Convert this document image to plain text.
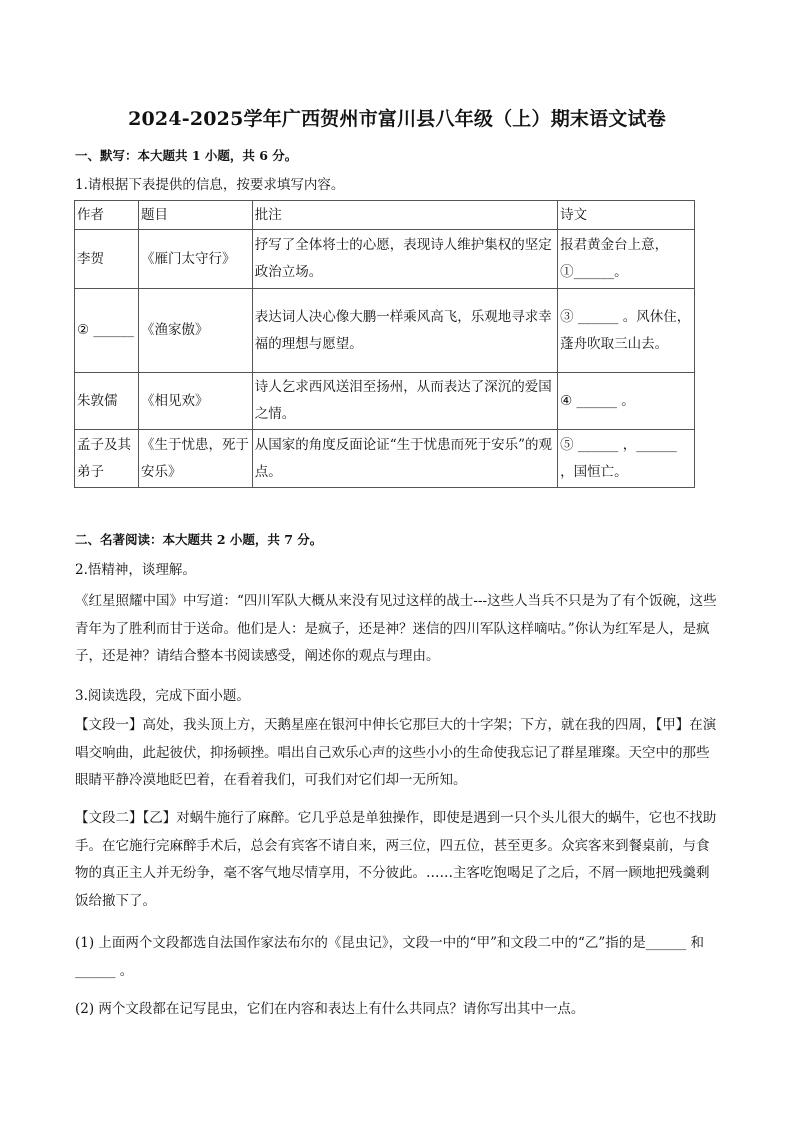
2024-2025学年广西贺州市富川县八年级（上）期末语文试卷
一、默写：本大题共 1 小题，共 6 分。

1.请根据下表提供的信息，按要求填写内容。

作者	题目	批注	诗文
李贺	《雁门太守行》	抒写了全体将士的心愿，表现诗人维护集权的坚定政治立场。	报君黄金台上意，①______。
② ______	《渔家傲》	表达词人决心像大鹏一样乘风高飞，乐观地寻求幸福的理想与愿望。	③ ______ 。风休住，蓬舟吹取三山去。
朱敦儒	《相见欢》	诗人乞求西风送泪至扬州，从而表达了深沉的爱国之情。	④ ______ 。
孟子及其弟子	《生于忧患，死于安乐》	从国家的角度反面论证“生于忧患而死于安乐”的观点。	⑤ ______ ，______ ，国恒亡。
二、名著阅读：本大题共 2 小题，共 7 分。

2.悟精神，谈理解。

《红星照耀中国》中写道：“四川军队大概从来没有见过这样的战士---这些人当兵不只是为了有个饭碗，这些青年为了胜利而甘于送命。他们是人：是疯子，还是神？迷信的四川军队这样嘀咕。”你认为红军是人，是疯子，还是神？请结合整本书阅读感受，阐述你的观点与理由。

3.阅读选段，完成下面小题。

【文段一】高处，我头顶上方，天鹅星座在银河中伸长它那巨大的十字架；下方，就在我的四周，【甲】在演唱交响曲，此起彼伏，抑扬顿挫。唱出自己欢乐心声的这些小小的生命使我忘记了群星璀璨。天空中的那些眼睛平静冷漠地眨巴着，在看着我们，可我们对它们却一无所知。

【文段二】【乙】对蜗牛施行了麻醉。它几乎总是单独操作，即使是遇到一只个头儿很大的蜗牛，它也不找助手。在它施行完麻醉手术后，总会有宾客不请自来，两三位，四五位，甚至更多。众宾客来到餐桌前，与食物的真正主人并无纷争，毫不客气地尽情享用，不分彼此。……主客吃饱喝足了之后，不屑一顾地把残羹剩饭给撤下了。

(1) 上面两个文段都选自法国作家法布尔的《昆虫记》，文段一中的“甲”和文段二中的“乙”指的是______ 和 ______ 。

(2) 两个文段都在记写昆虫，它们在内容和表达上有什么共同点？请你写出其中一点。
